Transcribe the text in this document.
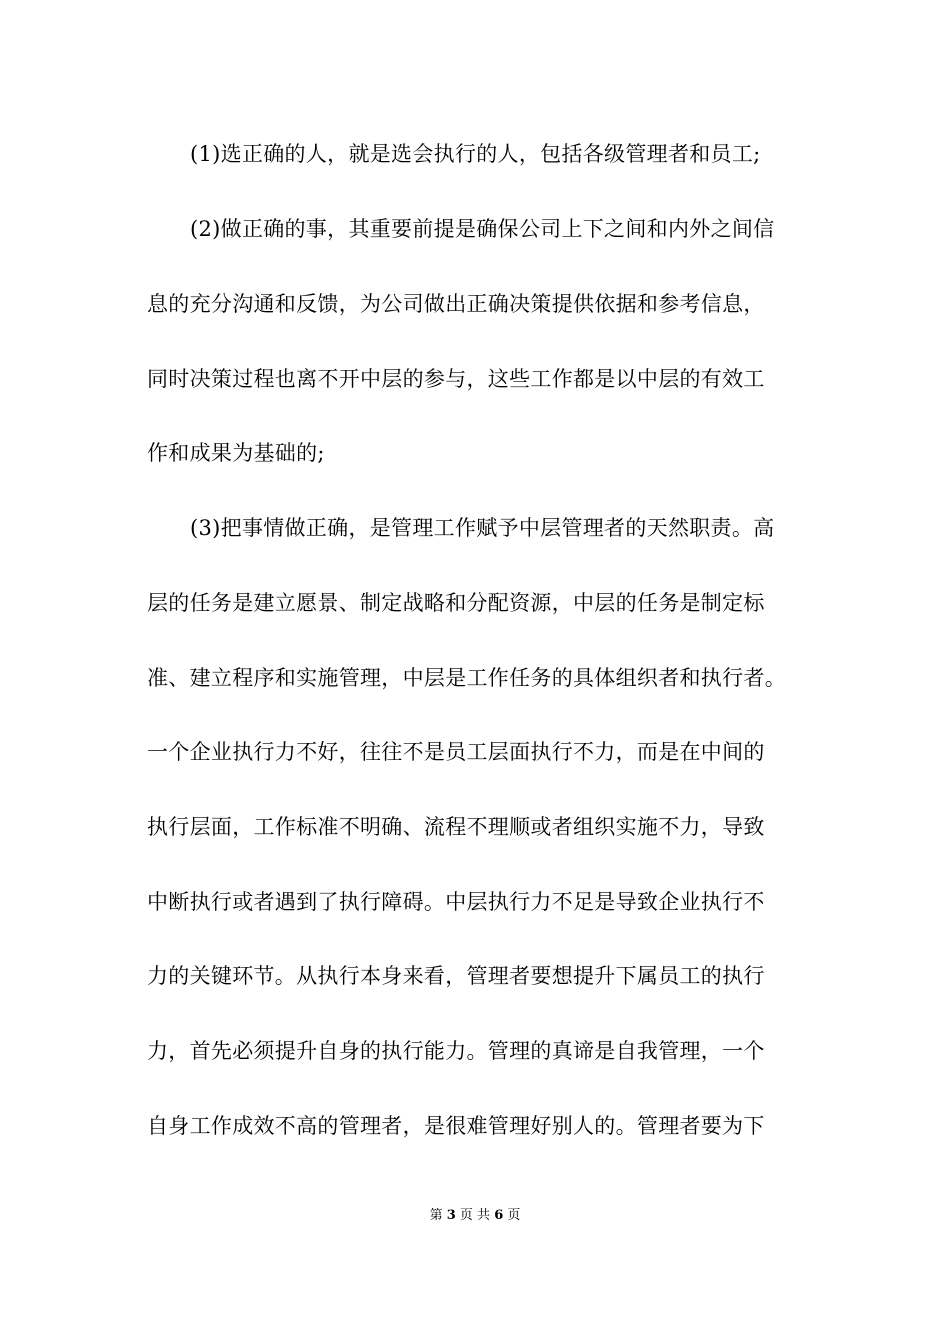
(1)选正确的人，就是选会执行的人，包括各级管理者和员工;
(2)做正确的事，其重要前提是确保公司上下之间和内外之间信
息的充分沟通和反馈，为公司做出正确决策提供依据和参考信息，
同时决策过程也离不开中层的参与，这些工作都是以中层的有效工
作和成果为基础的;
(3)把事情做正确，是管理工作赋予中层管理者的天然职责。高
层的任务是建立愿景、制定战略和分配资源，中层的任务是制定标
准、建立程序和实施管理，中层是工作任务的具体组织者和执行者。
一个企业执行力不好，往往不是员工层面执行不力，而是在中间的
执行层面，工作标准不明确、流程不理顺或者组织实施不力，导致
中断执行或者遇到了执行障碍。中层执行力不足是导致企业执行不
力的关键环节。从执行本身来看，管理者要想提升下属员工的执行
力，首先必须提升自身的执行能力。管理的真谛是自我管理，一个
自身工作成效不高的管理者，是很难管理好别人的。管理者要为下
第 3 页 共 6 页
